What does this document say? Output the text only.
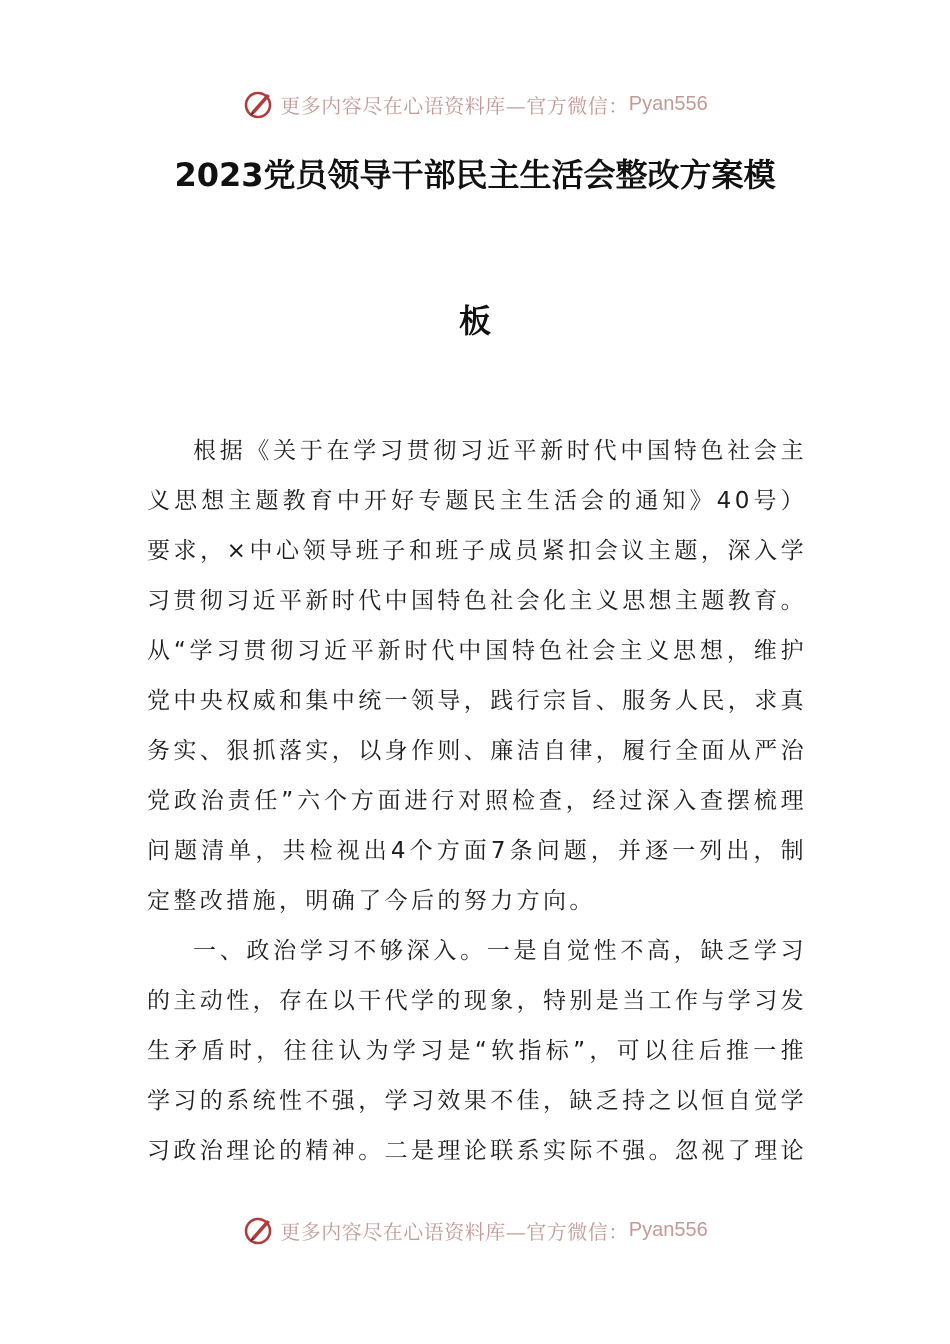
更多内容尽在心语资料库—官方微信： Pyan556
2023党员领导干部民主生活会整改方案模
板

根据《关于在学习贯彻习近平新时代中国特色社会主义思想主题教育中开好专题民主生活会的通知》40号）要求，×中心领导班子和班子成员紧扣会议主题，深入学习贯彻习近平新时代中国特色社会化主义思想主题教育。从“学习贯彻习近平新时代中国特色社会主义思想，维护党中央权威和集中统一领导，践行宗旨、服务人民，求真务实、狠抓落实，以身作则、廉洁自律，履行全面从严治党政治责任”六个方面进行对照检查，经过深入查摆梳理问题清单，共检视出4个方面7条问题，并逐一列出，制定整改措施，明确了今后的努力方向。

一、政治学习不够深入。一是自觉性不高，缺乏学习的主动性，存在以干代学的现象，特别是当工作与学习发生矛盾时，往往认为学习是“软指标”，可以往后推一推学习的系统性不强，学习效果不佳，缺乏持之以恒自觉学习政治理论的精神。二是理论联系实际不强。忽视了理论

更多内容尽在心语资料库—官方微信： Pyan556
